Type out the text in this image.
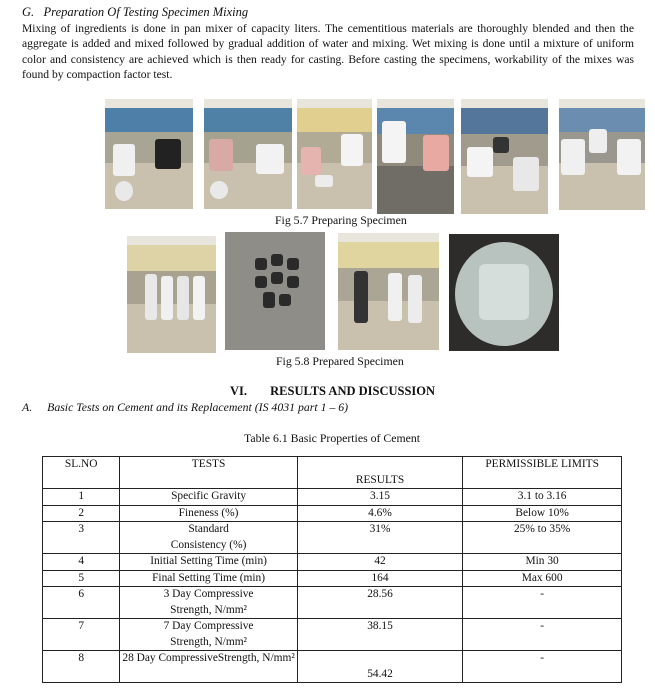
G. Preparation Of Testing Specimen Mixing
Mixing of ingredients is done in pan mixer of capacity liters. The cementitious materials are thoroughly blended and then the aggregate is added and mixed followed by gradual addition of water and mixing. Wet mixing is done until a mixture of uniform color and consistency are achieved which is then ready for casting. Before casting the specimens, workability of the mixes was found by compaction factor test.
Fig 5.7 Preparing Specimen
Fig 5.8 Prepared Specimen
VI. RESULTS AND DISCUSSION
A. Basic Tests on Cement and its Replacement (IS 4031 part 1 – 6)
Table 6.1 Basic Properties of Cement
SL.NO	TESTS	RESULTS	PERMISSIBLE LIMITS
1	Specific Gravity	3.15	3.1 to 3.16
2	Fineness (%)	4.6%	Below 10%
3	Standard Consistency (%)	31%	25% to 35%
4	Initial Setting Time (min)	42	Min 30
5	Final Setting Time (min)	164	Max 600
6	3 Day Compressive Strength, N/mm²	28.56	-
7	7 Day Compressive Strength, N/mm²	38.15	-
8	28 Day CompressiveStrength, N/mm²	54.42	-
